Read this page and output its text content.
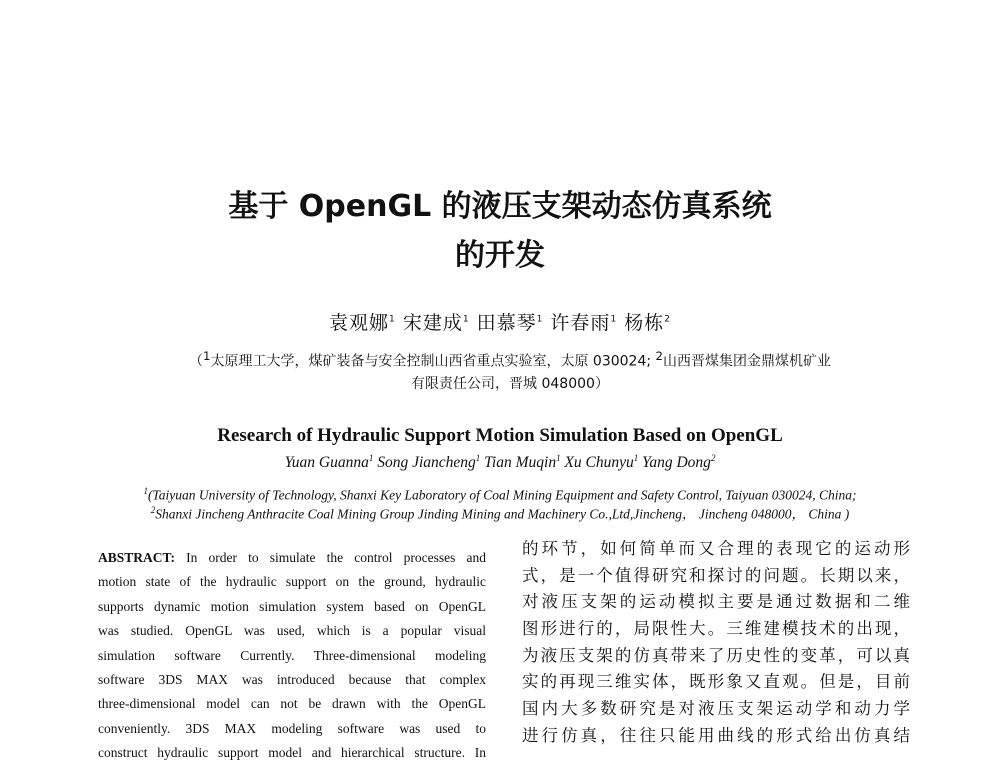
基于 OpenGL 的液压支架动态仿真系统
的开发
袁观娜$^1$ 宋建成$^1$ 田慕琴$^1$ 许春雨$^1$ 杨栋$^2$
（$^1$太原理工大学，煤矿装备与安全控制山西省重点实验室，太原 030024; $^2$山西晋煤集团金鼎煤机矿业
有限责任公司，晋城 048000）
Research of Hydraulic Support Motion Simulation Based on OpenGL
Yuan Guanna$^1$ Song Jiancheng$^1$ Tian Muqin$^1$ Xu Chunyu$^1$ Yang Dong$^2$
$^1$(Taiyuan University of Technology, Shanxi Key Laboratory of Coal Mining Equipment and Safety Control, Taiyuan 030024, China;
$^2$Shanxi Jincheng Anthracite Coal Mining Group Jinding Mining and Machinery Co.,Ltd,Jincheng， Jincheng 048000， China )
ABSTRACT: In order to simulate the control processes and
motion state of the hydraulic support on the ground, hydraulic
supports dynamic motion simulation system based on OpenGL
was studied. OpenGL was used, which is a popular visual
simulation software Currently. Three-dimensional modeling
software 3DS MAX was introduced because that complex
three-dimensional model can not be drawn with the OpenGL
conveniently. 3DS MAX modeling software was used to
construct hydraulic support model and hierarchical structure. In
的环节，如何简单而又合理的表现它的运动形
式，是一个值得研究和探讨的问题。长期以来，
对液压支架的运动模拟主要是通过数据和二维
图形进行的，局限性大。三维建模技术的出现，
为液压支架的仿真带来了历史性的变革，可以真
实的再现三维实体，既形象又直观。但是，目前
国内大多数研究是对液压支架运动学和动力学
进行仿真，往往只能用曲线的形式给出仿真结
